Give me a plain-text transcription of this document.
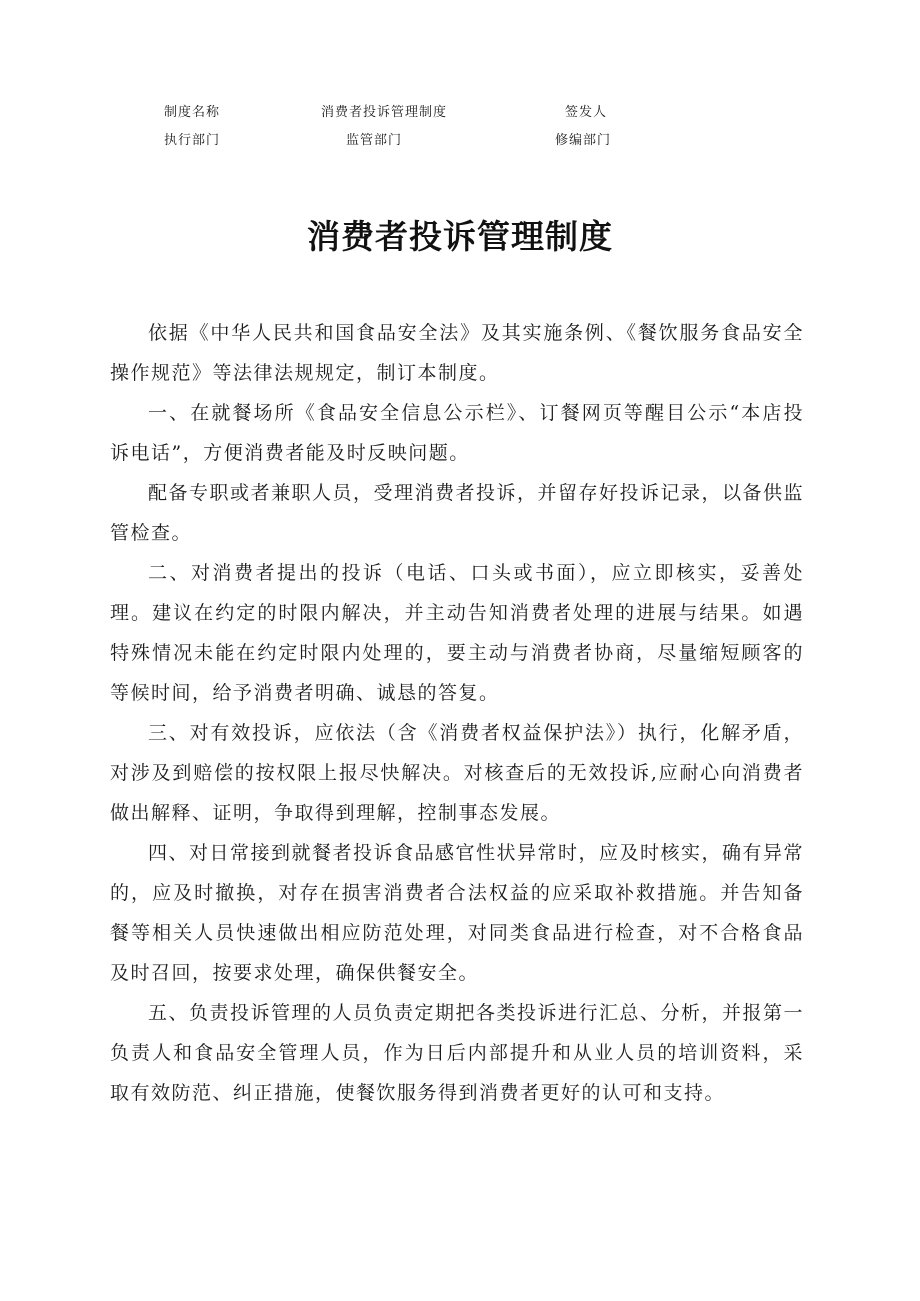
制度名称	消费者投诉管理制度	签发人
执行部门	监管部门	修编部门
消费者投诉管理制度

依据《中华人民共和国食品安全法》及其实施条例、《餐饮服务食品安全操作规范》等法律法规规定，制订本制度。

一、在就餐场所《食品安全信息公示栏》、订餐网页等醒目公示“本店投诉电话”，方便消费者能及时反映问题。

配备专职或者兼职人员，受理消费者投诉，并留存好投诉记录，以备供监管检查。

二、对消费者提出的投诉（电话、口头或书面），应立即核实，妥善处理。建议在约定的时限内解决，并主动告知消费者处理的进展与结果。如遇特殊情况未能在约定时限内处理的，要主动与消费者协商，尽量缩短顾客的等候时间，给予消费者明确、诚恳的答复。

三、对有效投诉，应依法（含《消费者权益保护法》）执行，化解矛盾，对涉及到赔偿的按权限上报尽快解决。对核查后的无效投诉,应耐心向消费者做出解释、证明，争取得到理解，控制事态发展。

四、对日常接到就餐者投诉食品感官性状异常时，应及时核实，确有异常的，应及时撤换，对存在损害消费者合法权益的应采取补救措施。并告知备餐等相关人员快速做出相应防范处理，对同类食品进行检查，对不合格食品及时召回，按要求处理，确保供餐安全。

五、负责投诉管理的人员负责定期把各类投诉进行汇总、分析，并报第一负责人和食品安全管理人员，作为日后内部提升和从业人员的培训资料，采取有效防范、纠正措施，使餐饮服务得到消费者更好的认可和支持。
